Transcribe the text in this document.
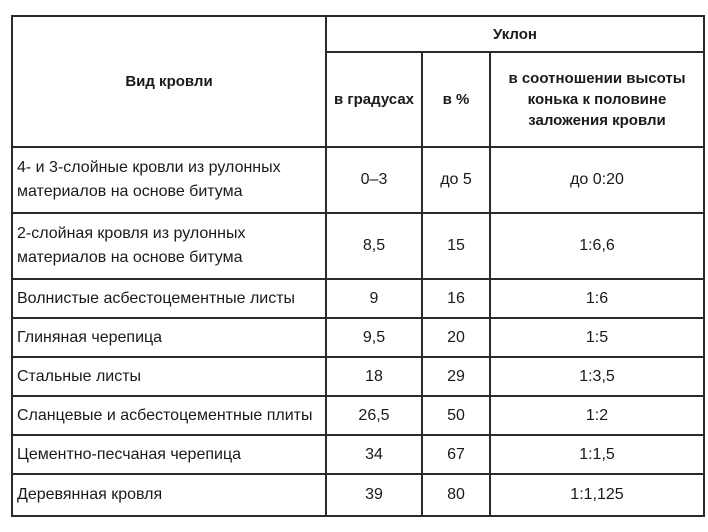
Вид кровли	Уклон		
	в градусах	в %	в соотношении высоты конька к половине заложения кровли
4- и 3-слойные кровли из рулонных материалов на основе битума	0–3	до 5	до 0:20
2-слойная кровля из рулонных материалов на основе битума	8,5	15	1:6,6
Волнистые асбестоцементные листы	9	16	1:6
Глиняная черепица	9,5	20	1:5
Стальные листы	18	29	1:3,5
Сланцевые и асбестоцементные плиты	26,5	50	1:2
Цементно-песчаная черепица	34	67	1:1,5
Деревянная кровля	39	80	1:1,125
